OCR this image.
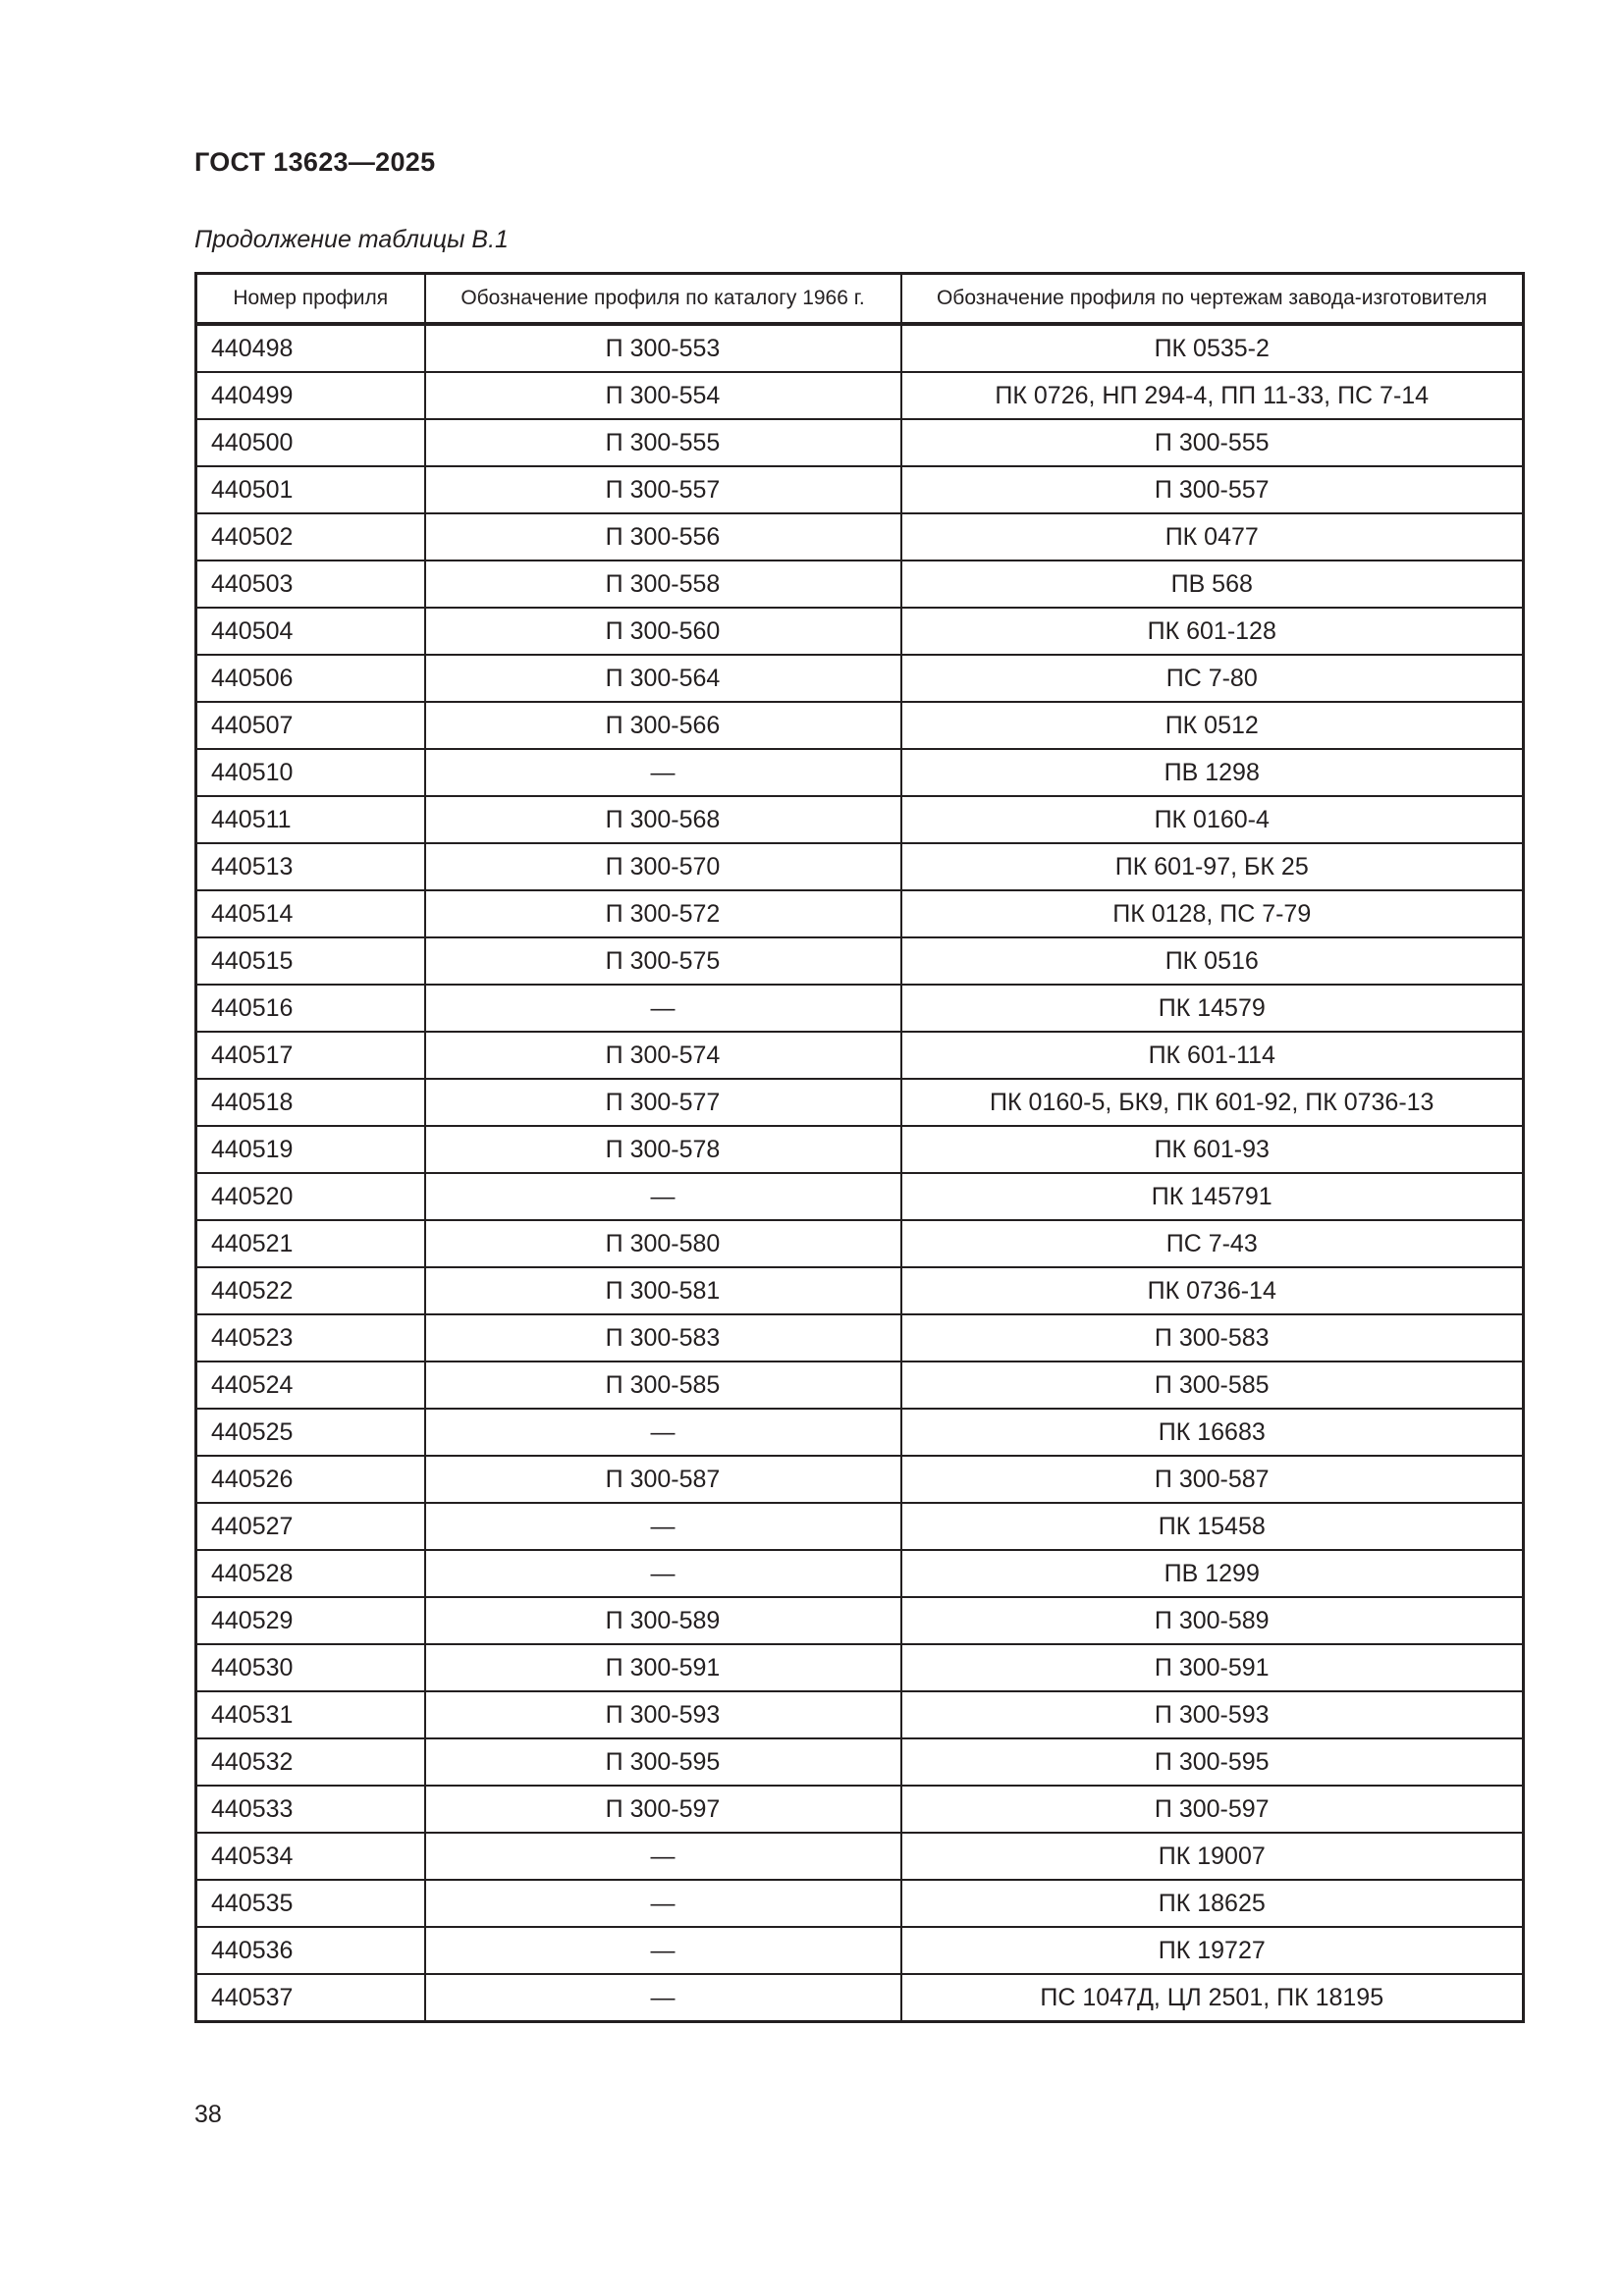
ГОСТ 13623—2025
Продолжение таблицы В.1
Номер профиля	Обозначение профиля по каталогу 1966 г.	Обозначение профиля по чертежам завода-изготовителя
440498	П 300-553	ПК 0535-2
440499	П 300-554	ПК 0726, НП 294-4, ПП 11-33, ПС 7-14
440500	П 300-555	П 300-555
440501	П 300-557	П 300-557
440502	П 300-556	ПК 0477
440503	П 300-558	ПВ 568
440504	П 300-560	ПК 601-128
440506	П 300-564	ПС 7-80
440507	П 300-566	ПК 0512
440510	—	ПВ 1298
440511	П 300-568	ПК 0160-4
440513	П 300-570	ПК 601-97, БК 25
440514	П 300-572	ПК 0128, ПС 7-79
440515	П 300-575	ПК 0516
440516	—	ПК 14579
440517	П 300-574	ПК 601-114
440518	П 300-577	ПК 0160-5, БК9, ПК 601-92, ПК 0736-13
440519	П 300-578	ПК 601-93
440520	—	ПК 145791
440521	П 300-580	ПС 7-43
440522	П 300-581	ПК 0736-14
440523	П 300-583	П 300-583
440524	П 300-585	П 300-585
440525	—	ПК 16683
440526	П 300-587	П 300-587
440527	—	ПК 15458
440528	—	ПВ 1299
440529	П 300-589	П 300-589
440530	П 300-591	П 300-591
440531	П 300-593	П 300-593
440532	П 300-595	П 300-595
440533	П 300-597	П 300-597
440534	—	ПК 19007
440535	—	ПК 18625
440536	—	ПК 19727
440537	—	ПС 1047Д, ЦЛ 2501, ПК 18195
38
